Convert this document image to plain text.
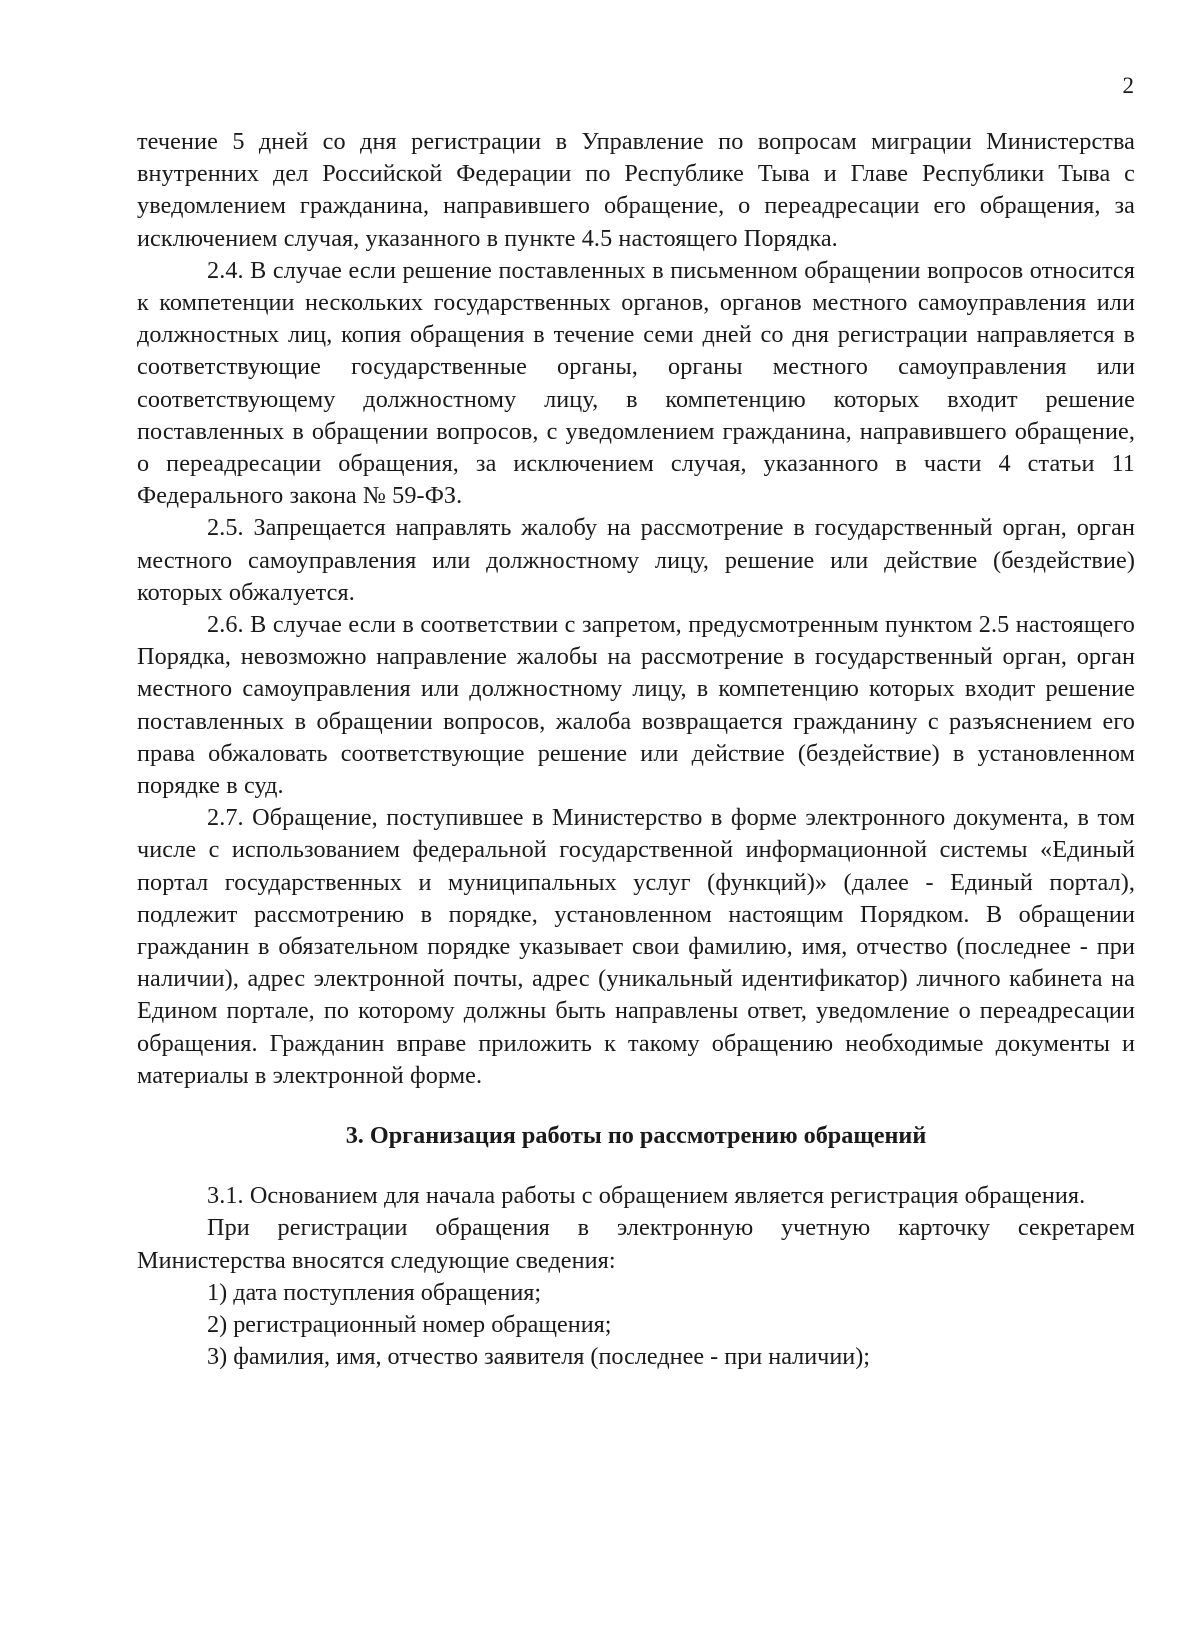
2

течение 5 дней со дня регистрации в Управление по вопросам миграции Министерства внутренних дел Российской Федерации по Республике Тыва и Главе Республики Тыва с уведомлением гражданина, направившего обращение, о переадресации его обращения, за исключением случая, указанного в пункте 4.5 настоящего Порядка.

2.4. В случае если решение поставленных в письменном обращении вопросов относится к компетенции нескольких государственных органов, органов местного самоуправления или должностных лиц, копия обращения в течение семи дней со дня регистрации направляется в соответствующие государственные органы, органы местного самоуправления или соответствующему должностному лицу, в компетенцию которых входит решение поставленных в обращении вопросов, с уведомлением гражданина, направившего обращение, о переадресации обращения, за исключением случая, указанного в части 4 статьи 11 Федерального закона № 59-ФЗ.

2.5. Запрещается направлять жалобу на рассмотрение в государственный орган, орган местного самоуправления или должностному лицу, решение или действие (бездействие) которых обжалуется.

2.6. В случае если в соответствии с запретом, предусмотренным пунктом 2.5 настоящего Порядка, невозможно направление жалобы на рассмотрение в государственный орган, орган местного самоуправления или должностному лицу, в компетенцию которых входит решение поставленных в обращении вопросов, жалоба возвращается гражданину с разъяснением его права обжаловать соответствующие решение или действие (бездействие) в установленном порядке в суд.

2.7. Обращение, поступившее в Министерство в форме электронного документа, в том числе с использованием федеральной государственной информационной системы «Единый портал государственных и муниципальных услуг (функций)» (далее - Единый портал), подлежит рассмотрению в порядке, установленном настоящим Порядком. В обращении гражданин в обязательном порядке указывает свои фамилию, имя, отчество (последнее - при наличии), адрес электронной почты, адрес (уникальный идентификатор) личного кабинета на Едином портале, по которому должны быть направлены ответ, уведомление о переадресации обращения. Гражданин вправе приложить к такому обращению необходимые документы и материалы в электронной форме.

3. Организация работы по рассмотрению обращений

3.1. Основанием для начала работы с обращением является регистрация обращения.

При регистрации обращения в электронную учетную карточку секретарем Министерства вносятся следующие сведения:

1) дата поступления обращения;

2) регистрационный номер обращения;

3) фамилия, имя, отчество заявителя (последнее - при наличии);
